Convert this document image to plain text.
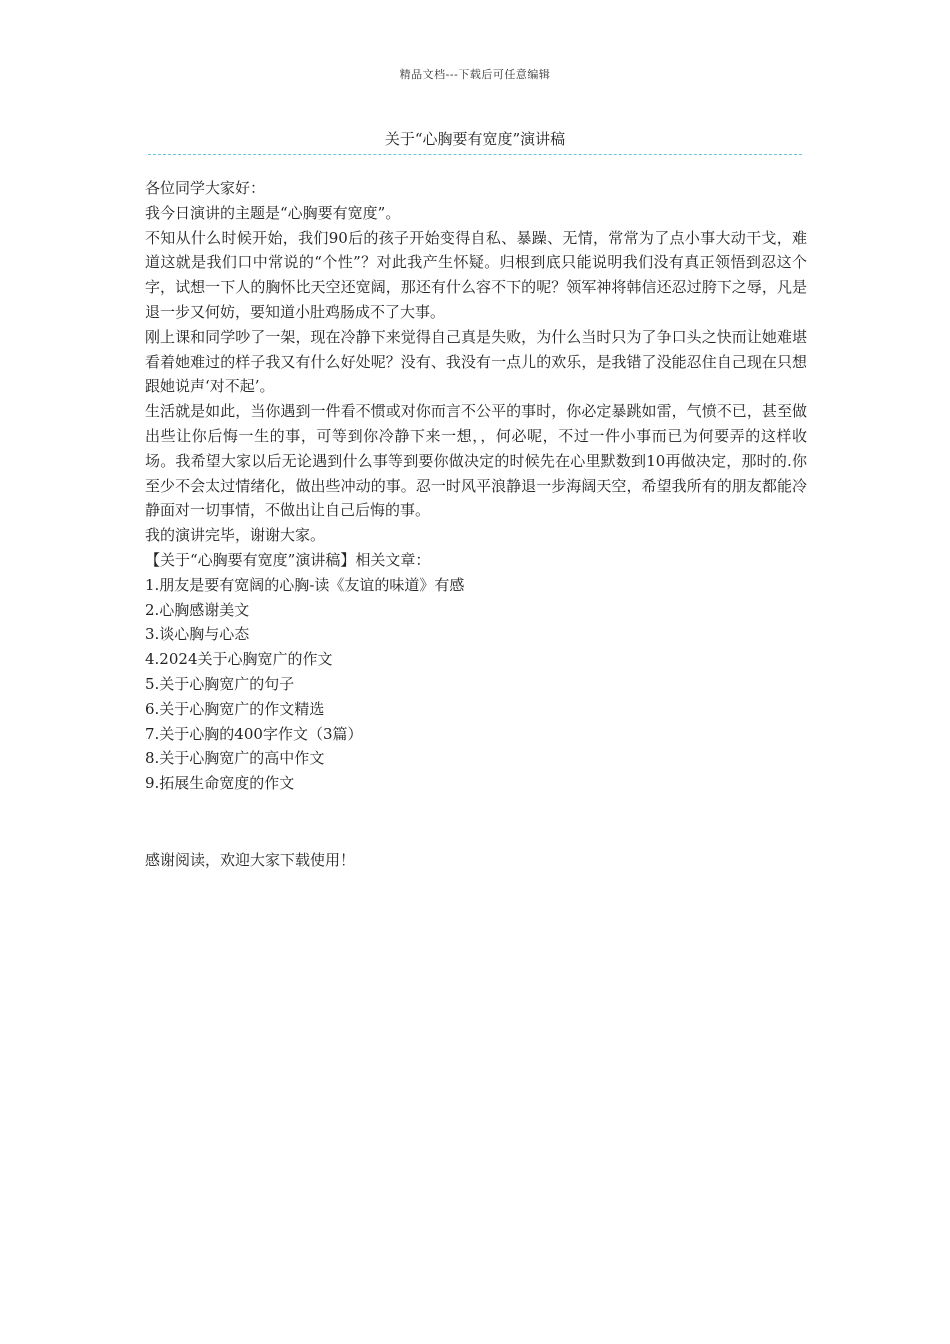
精品文档---下载后可任意编辑
关于“心胸要有宽度”演讲稿

各位同学大家好：

我今日演讲的主题是“心胸要有宽度”。

不知从什么时候开始，我们90后的孩子开始变得自私、暴躁、无情，常常为了点小事大动干戈，难道这就是我们口中常说的“个性”？对此我产生怀疑。归根到底只能说明我们没有真正领悟到忍这个字，试想一下人的胸怀比天空还宽阔，那还有什么容不下的呢？领军神将韩信还忍过胯下之辱，凡是退一步又何妨，要知道小肚鸡肠成不了大事。

刚上课和同学吵了一架，现在冷静下来觉得自己真是失败，为什么当时只为了争口头之快而让她难堪看着她难过的样子我又有什么好处呢？没有、我没有一点儿的欢乐，是我错了没能忍住自己现在只想跟她说声‘对不起’。

生活就是如此，当你遇到一件看不惯或对你而言不公平的事时，你必定暴跳如雷，气愤不已，甚至做出些让你后悔一生的事，可等到你冷静下来一想，，何必呢，不过一件小事而已为何要弄的这样收场。我希望大家以后无论遇到什么事等到要你做决定的时候先在心里默数到10再做决定，那时的.你至少不会太过情绪化，做出些冲动的事。忍一时风平浪静退一步海阔天空，希望我所有的朋友都能冷静面对一切事情，不做出让自己后悔的事。

我的演讲完毕，谢谢大家。

【关于“心胸要有宽度”演讲稿】相关文章：

1.朋友是要有宽阔的心胸-读《友谊的味道》有感
2.心胸感谢美文
3.谈心胸与心态
4.2024关于心胸宽广的作文
5.关于心胸宽广的句子
6.关于心胸宽广的作文精选
7.关于心胸的400字作文（3篇）
8.关于心胸宽广的高中作文
9.拓展生命宽度的作文
感谢阅读，欢迎大家下载使用！
